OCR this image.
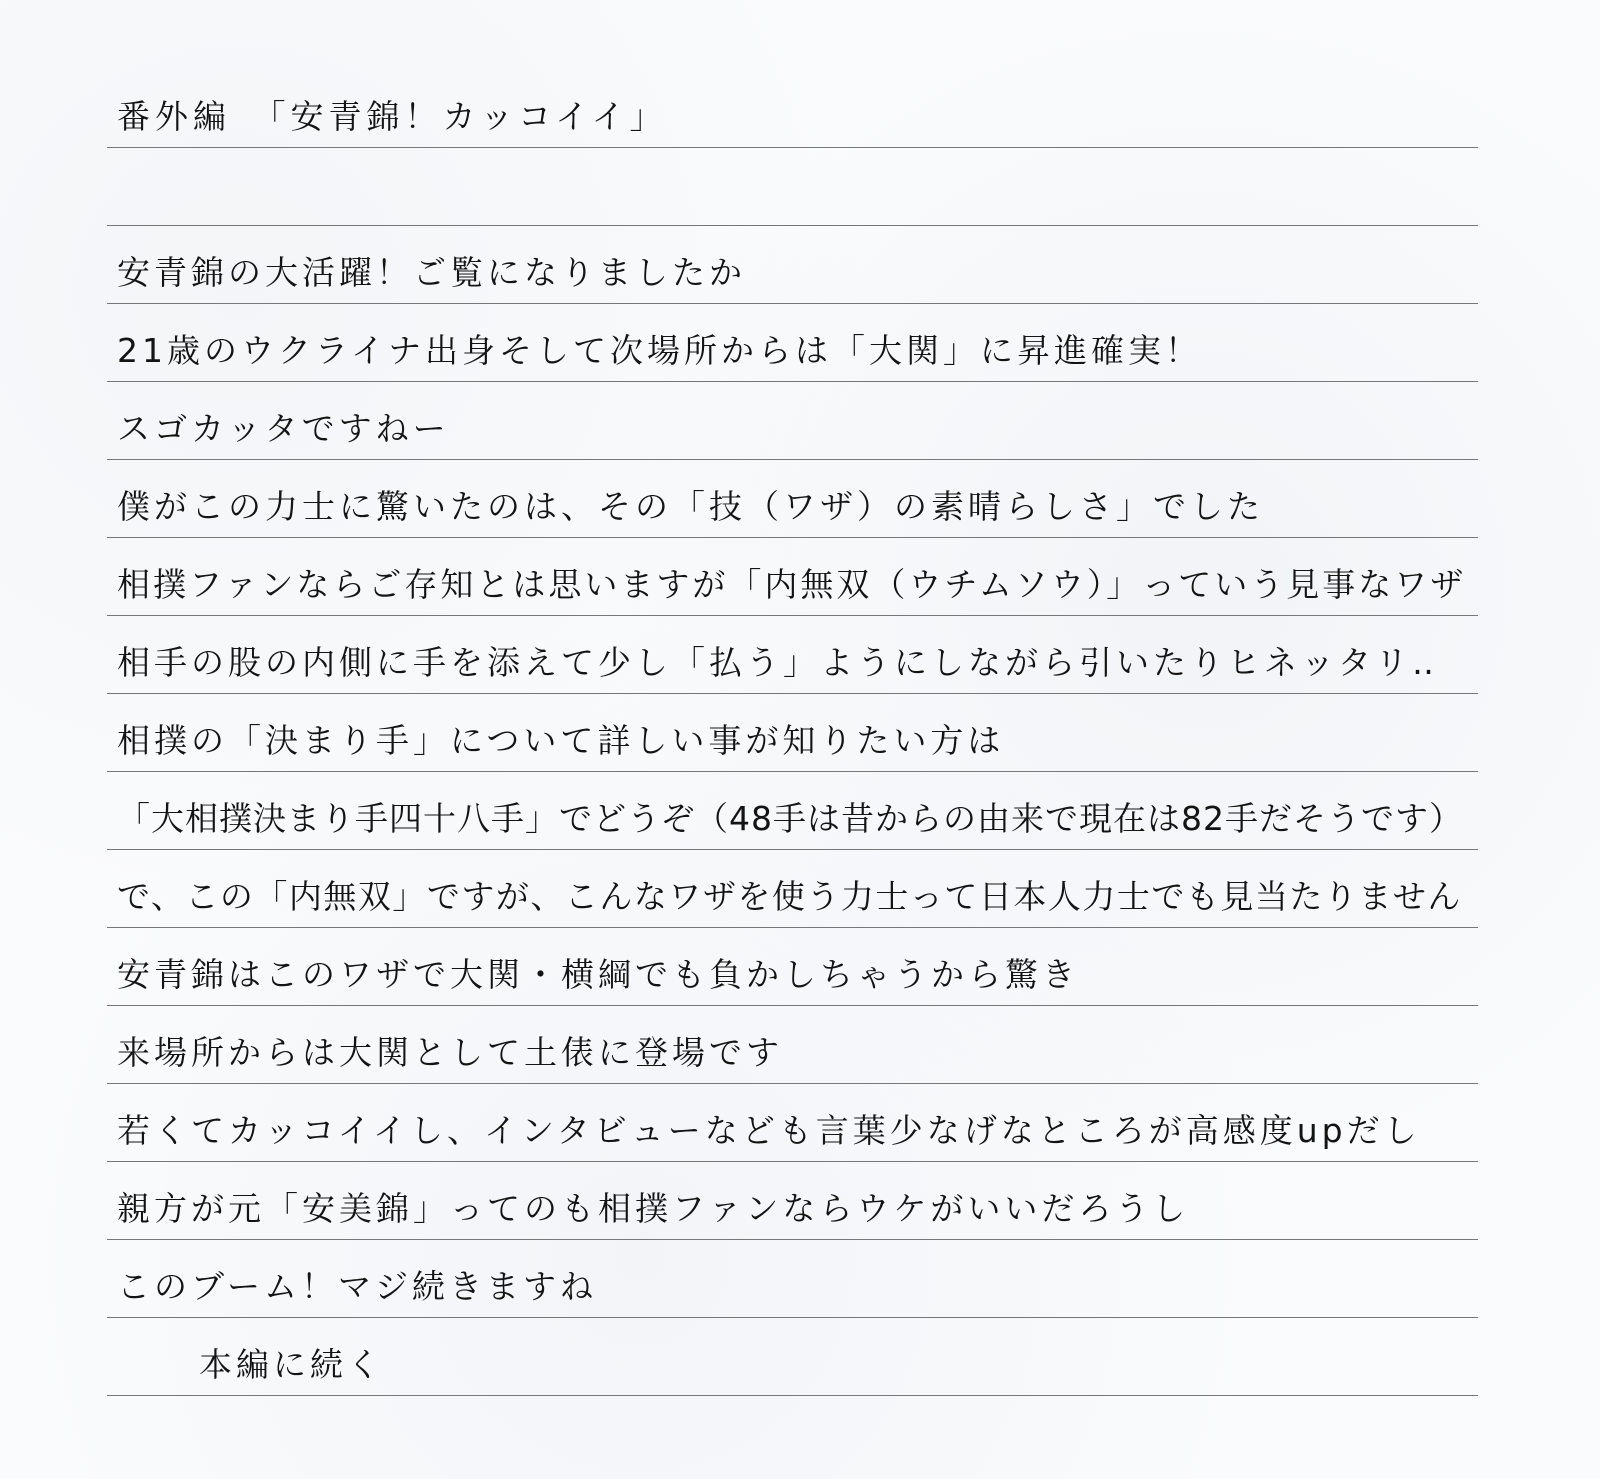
番外編　「安青錦！カッコイイ」
安青錦の大活躍！ご覧になりましたか
21歳のウクライナ出身そして次場所からは「大関」に昇進確実！
スゴカッタですねー
僕がこの力士に驚いたのは、その「技（ワザ）の素晴らしさ」でした
相撲ファンならご存知とは思いますが「内無双（ウチムソウ）」っていう見事なワザ
相手の股の内側に手を添えて少し「払う」ようにしながら引いたりヒネッタリ‥
相撲の「決まり手」について詳しい事が知りたい方は
「大相撲決まり手四十八手」でどうぞ（48手は昔からの由来で現在は82手だそうです）
で、この「内無双」ですが、こんなワザを使う力士って日本人力士でも見当たりません
安青錦はこのワザで大関・横綱でも負かしちゃうから驚き
来場所からは大関として土俵に登場です
若くてカッコイイし、インタビューなども言葉少なげなところが高感度upだし
親方が元「安美錦」ってのも相撲ファンならウケがいいだろうし
このブーム！マジ続きますね
本編に続く
